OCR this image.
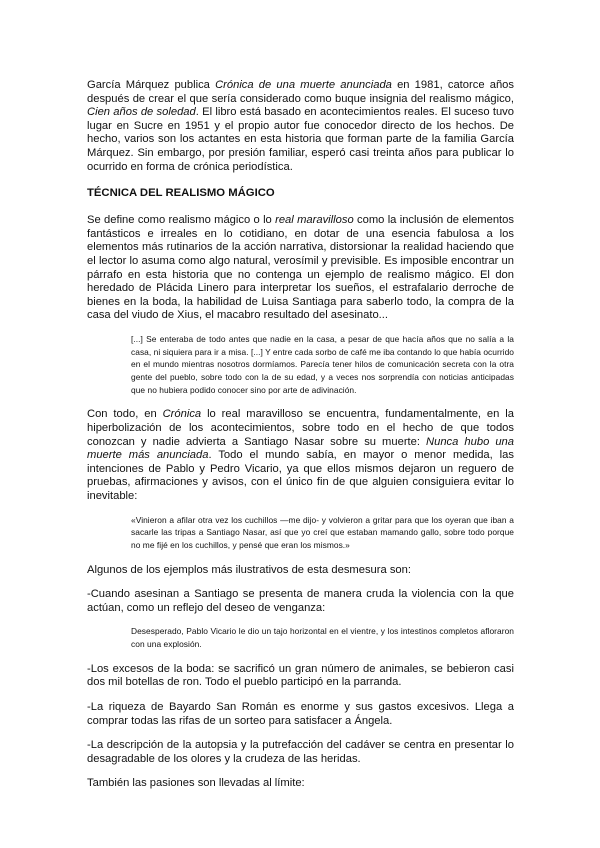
García Márquez publica Crónica de una muerte anunciada en 1981, catorce años después de crear el que sería considerado como buque insignia del realismo mágico, Cien años de soledad. El libro está basado en acontecimientos reales. El suceso tuvo lugar en Sucre en 1951 y el propio autor fue conocedor directo de los hechos. De hecho, varios son los actantes en esta historia que forman parte de la familia García Márquez. Sin embargo, por presión familiar, esperó casi treinta años para publicar lo ocurrido en forma de crónica periodística.

TÉCNICA DEL REALISMO MÁGICO

Se define como realismo mágico o lo real maravilloso como la inclusión de elementos fantásticos e irreales en lo cotidiano, en dotar de una esencia fabulosa a los elementos más rutinarios de la acción narrativa, distorsionar la realidad haciendo que el lector lo asuma como algo natural, verosímil y previsible. Es imposible encontrar un párrafo en esta historia que no contenga un ejemplo de realismo mágico. El don heredado de Plácida Linero para interpretar los sueños, el estrafalario derroche de bienes en la boda, la habilidad de Luisa Santiaga para saberlo todo, la compra de la casa del viudo de Xius, el macabro resultado del asesinato...

[...] Se enteraba de todo antes que nadie en la casa, a pesar de que hacía años que no salía a la casa, ni siquiera para ir a misa. [...] Y entre cada sorbo de café me iba contando lo que había ocurrido en el mundo mientras nosotros dormíamos. Parecía tener hilos de comunicación secreta con la otra gente del pueblo, sobre todo con la de su edad, y a veces nos sorprendía con noticias anticipadas que no hubiera podido conocer sino por arte de adivinación.

Con todo, en Crónica lo real maravilloso se encuentra, fundamentalmente, en la hiperbolización de los acontecimientos, sobre todo en el hecho de que todos conozcan y nadie advierta a Santiago Nasar sobre su muerte: Nunca hubo una muerte más anunciada. Todo el mundo sabía, en mayor o menor medida, las intenciones de Pablo y Pedro Vicario, ya que ellos mismos dejaron un reguero de pruebas, afirmaciones y avisos, con el único fin de que alguien consiguiera evitar lo inevitable:

«Vinieron a afilar otra vez los cuchillos —me dijo- y volvieron a gritar para que los oyeran que iban a sacarle las tripas a Santiago Nasar, así que yo creí que estaban mamando gallo, sobre todo porque no me fijé en los cuchillos, y pensé que eran los mismos.»

Algunos de los ejemplos más ilustrativos de esta desmesura son:

-Cuando asesinan a Santiago se presenta de manera cruda la violencia con la que actúan, como un reflejo del deseo de venganza:

Desesperado, Pablo Vicario le dio un tajo horizontal en el vientre, y los intestinos completos afloraron con una explosión.

-Los excesos de la boda: se sacrificó un gran número de animales, se bebieron casi dos mil botellas de ron. Todo el pueblo participó en la parranda.

-La riqueza de Bayardo San Román es enorme y sus gastos excesivos. Llega a comprar todas las rifas de un sorteo para satisfacer a Ángela.

-La descripción de la autopsia y la putrefacción del cadáver se centra en presentar lo desagradable de los olores y la crudeza de las heridas.

También las pasiones son llevadas al límite:
